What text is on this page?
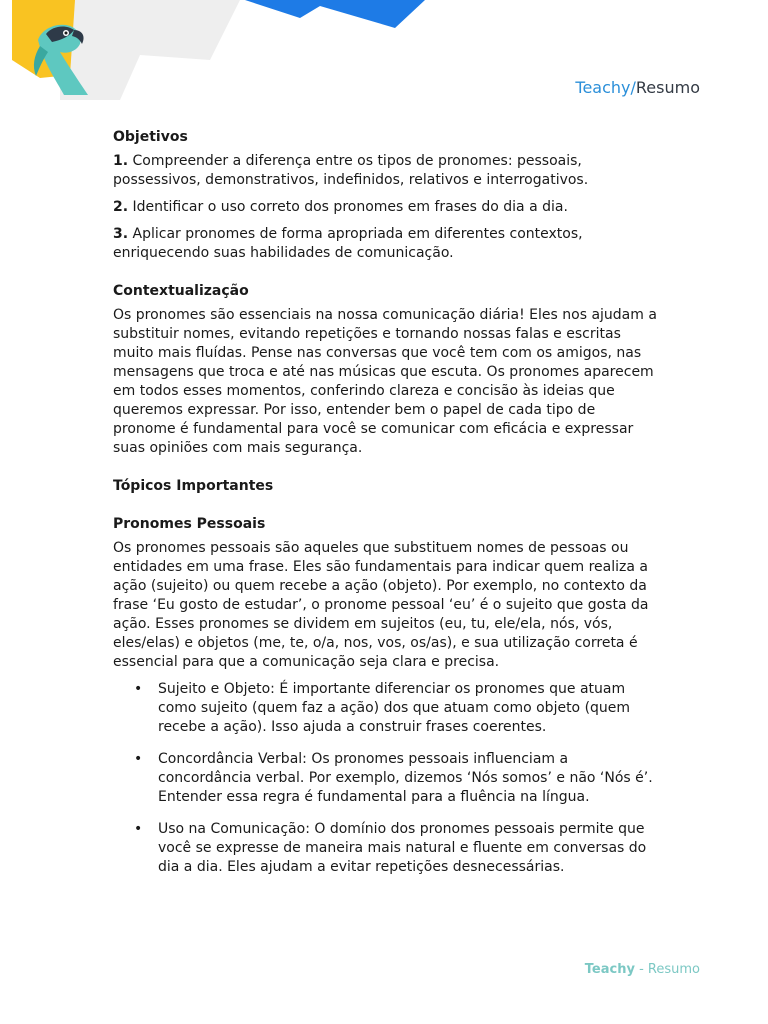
Teachy/Resumo
Objetivos

1. Compreender a diferença entre os tipos de pronomes: pessoais, possessivos, demonstrativos, indefinidos, relativos e interrogativos.

2. Identificar o uso correto dos pronomes em frases do dia a dia.

3. Aplicar pronomes de forma apropriada em diferentes contextos, enriquecendo suas habilidades de comunicação.

Contextualização

Os pronomes são essenciais na nossa comunicação diária! Eles nos ajudam a substituir nomes, evitando repetições e tornando nossas falas e escritas muito mais fluídas. Pense nas conversas que você tem com os amigos, nas mensagens que troca e até nas músicas que escuta. Os pronomes aparecem em todos esses momentos, conferindo clareza e concisão às ideias que queremos expressar. Por isso, entender bem o papel de cada tipo de pronome é fundamental para você se comunicar com eficácia e expressar suas opiniões com mais segurança.

Tópicos Importantes
Pronomes Pessoais

Os pronomes pessoais são aqueles que substituem nomes de pessoas ou entidades em uma frase. Eles são fundamentais para indicar quem realiza a ação (sujeito) ou quem recebe a ação (objeto). Por exemplo, no contexto da frase ‘Eu gosto de estudar’, o pronome pessoal ‘eu’ é o sujeito que gosta da ação. Esses pronomes se dividem em sujeitos (eu, tu, ele/ela, nós, vós, eles/elas) e objetos (me, te, o/a, nos, vos, os/as), e sua utilização correta é essencial para que a comunicação seja clara e precisa.

• Sujeito e Objeto: É importante diferenciar os pronomes que atuam como sujeito (quem faz a ação) dos que atuam como objeto (quem recebe a ação). Isso ajuda a construir frases coerentes.
• Concordância Verbal: Os pronomes pessoais influenciam a concordância verbal. Por exemplo, dizemos ‘Nós somos’ e não ‘Nós é’. Entender essa regra é fundamental para a fluência na língua.
• Uso na Comunicação: O domínio dos pronomes pessoais permite que você se expresse de maneira mais natural e fluente em conversas do dia a dia. Eles ajudam a evitar repetições desnecessárias.
Teachy - Resumo
